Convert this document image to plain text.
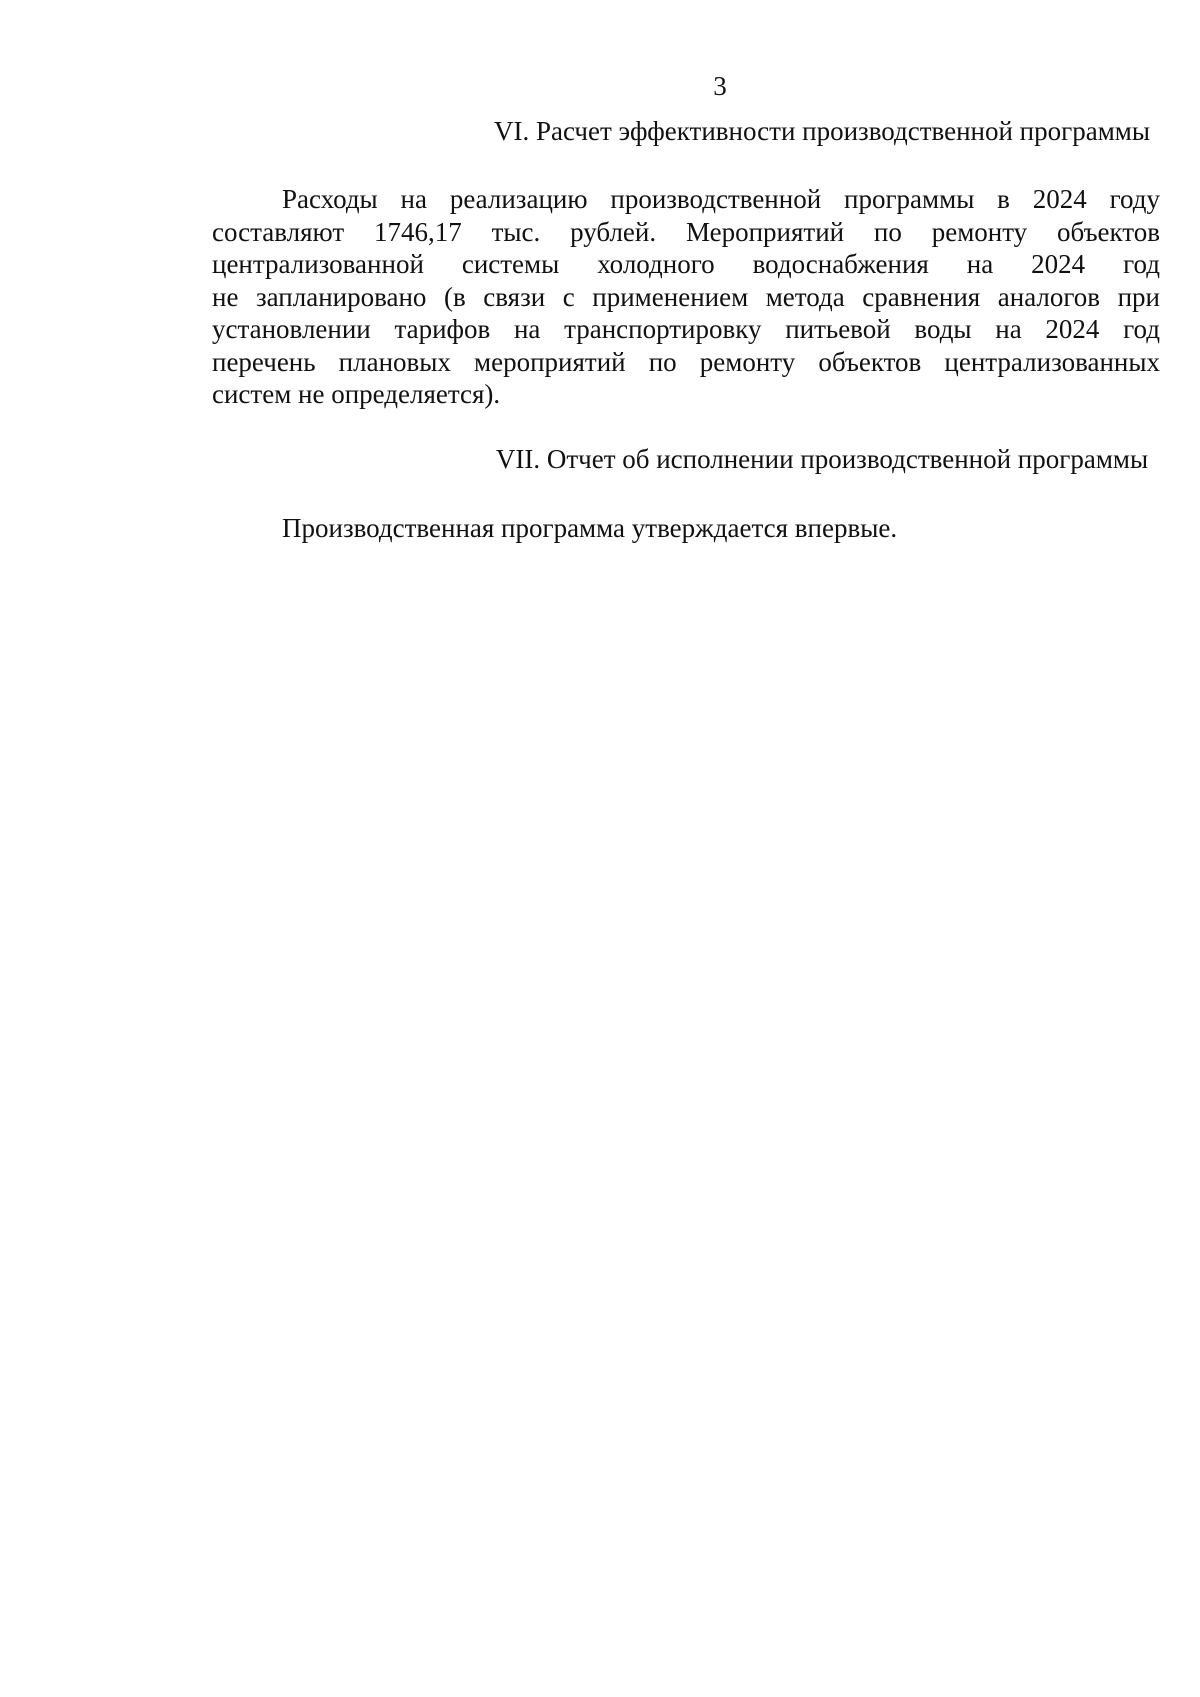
3
VI. Расчет эффективности производственной программы
Расходы на реализацию производственной программы в 2024 году
составляют 1746,17 тыс. рублей. Мероприятий по ремонту объектов
централизованной системы холодного водоснабжения на 2024 год
не запланировано (в связи с применением метода сравнения аналогов при
установлении тарифов на транспортировку питьевой воды на 2024 год
перечень плановых мероприятий по ремонту объектов централизованных
систем не определяется).
VII. Отчет об исполнении производственной программы
Производственная программа утверждается впервые.
